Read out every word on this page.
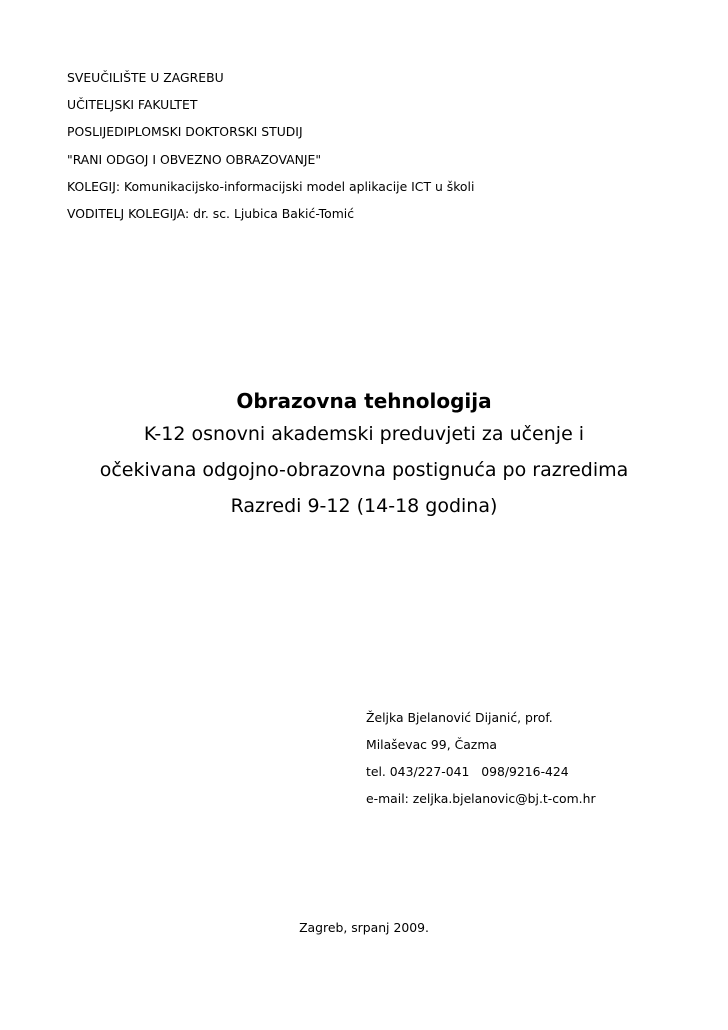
SVEUČILIŠTE U ZAGREBU
UČITELJSKI FAKULTET
POSLIJEDIPLOMSKI DOKTORSKI STUDIJ
"RANI ODGOJ I OBVEZNO OBRAZOVANJE"
KOLEGIJ: Komunikacijsko-informacijski model aplikacije ICT u školi
VODITELJ KOLEGIJA: dr. sc. Ljubica Bakić-Tomić

Obrazovna tehnologija

K-12 osnovni akademski preduvjeti za učenje i

očekivana odgojno-obrazovna postignuća po razredima

Razredi 9-12 (14-18 godina)

Željka Bjelanović Dijanić, prof.
Milaševac 99, Čazma
tel. 043/227-041   098/9216-424
e-mail: zeljka.bjelanovic@bj.t-com.hr
Zagreb, srpanj 2009.
